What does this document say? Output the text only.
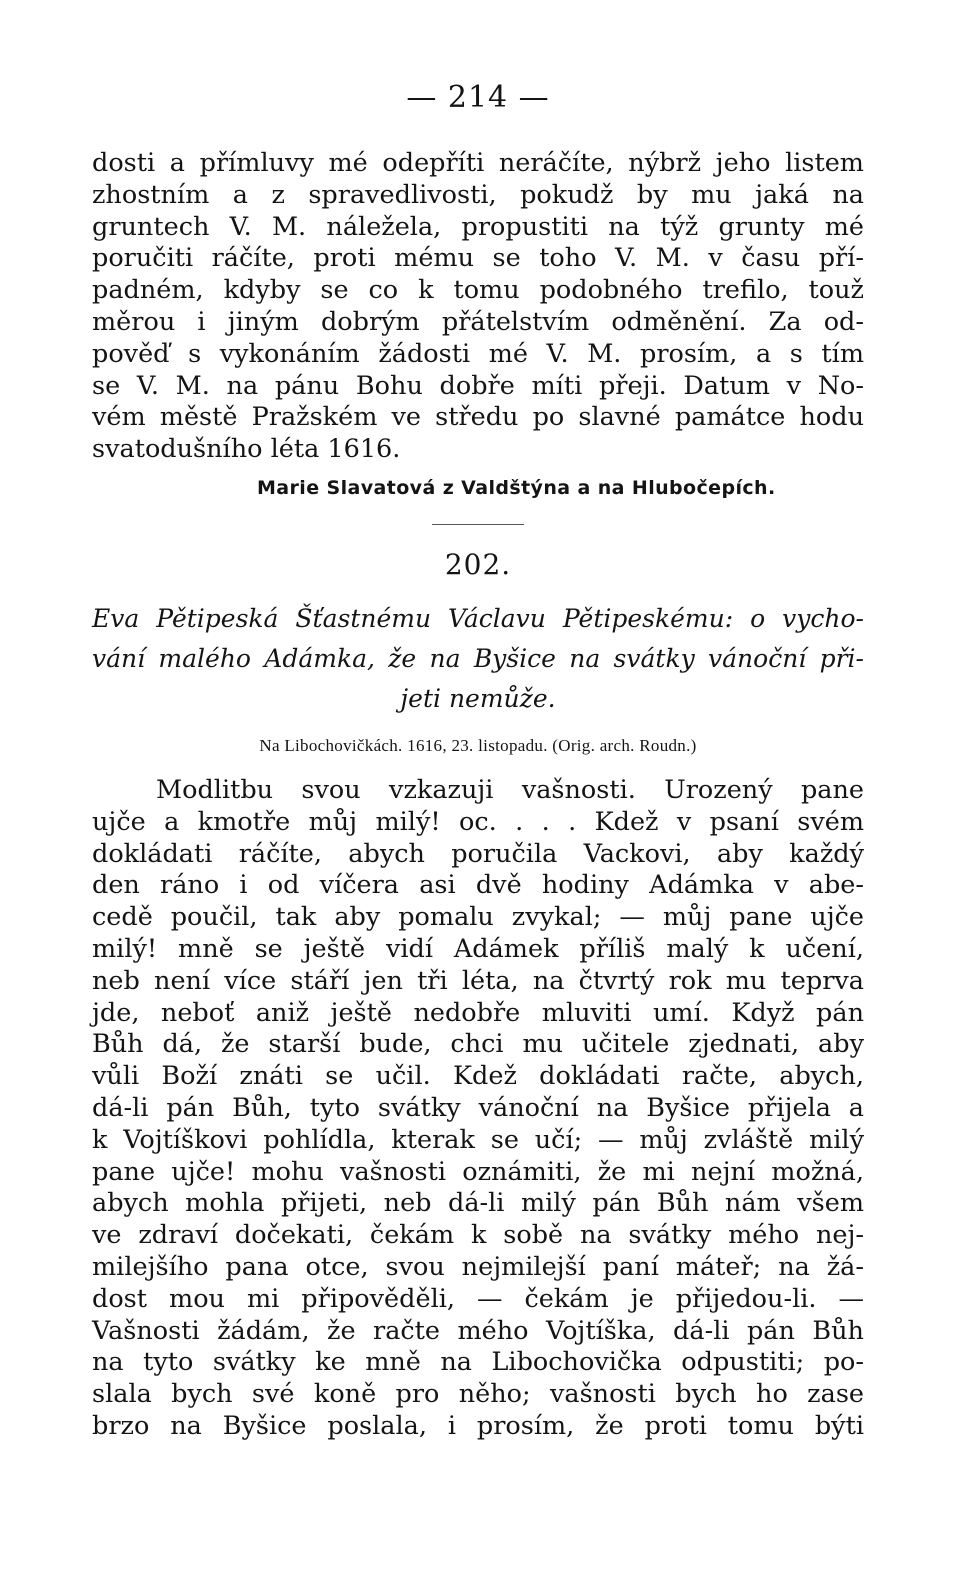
— 214 —

dosti a přímluvy mé odepříti neráčíte, nýbrž jeho listem

zhostním a z spravedlivosti, pokudž by mu jaká na

gruntech V. M. náležela, propustiti na týž grunty mé

poručiti ráčíte, proti mému se toho V. M. v času pří-

padném, kdyby se co k tomu podobného trefilo, touž

měrou i jiným dobrým přátelstvím odměnění. Za od-

pověď s vykonáním žádosti mé V. M. prosím, a s tím

se V. M. na pánu Bohu dobře míti přeji. Datum v No-

vém městě Pražském ve středu po slavné památce hodu

svatodušního léta 1616.

Marie Slavatová z Valdštýna a na Hlubočepích.
202.

Eva Pětipeská Šťastnému Václavu Pětipeskému: o vycho-

vání malého Adámka, že na Byšice na svátky vánoční při-

jeti nemůže.

Na Libochovičkách. 1616, 23. listopadu. (Orig. arch. Roudn.)

Modlitbu svou vzkazuji vašnosti. Urozený pane

ujče a kmotře můj milý! oc. . . . Kdež v psaní svém

dokládati ráčíte, abych poručila Vackovi, aby každý

den ráno i od víčera asi dvě hodiny Adámka v abe-

cedě poučil, tak aby pomalu zvykal; — můj pane ujče

milý! mně se ještě vidí Adámek příliš malý k učení,

neb není více stáří jen tři léta, na čtvrtý rok mu teprva

jde, neboť aniž ještě nedobře mluviti umí. Když pán

Bůh dá, že starší bude, chci mu učitele zjednati, aby

vůli Boží znáti se učil. Kdež dokládati račte, abych,

dá-li pán Bůh, tyto svátky vánoční na Byšice přijela a

k Vojtíškovi pohlídla, kterak se učí; — můj zvláště milý

pane ujče! mohu vašnosti oznámiti, že mi nejní možná,

abych mohla přijeti, neb dá-li milý pán Bůh nám všem

ve zdraví dočekati, čekám k sobě na svátky mého nej-

milejšího pana otce, svou nejmilejší paní máteř; na žá-

dost mou mi připověděli, — čekám je přijedou-li. —

Vašnosti žádám, že račte mého Vojtíška, dá-li pán Bůh

na tyto svátky ke mně na Libochovička odpustiti; po-

slala bych své koně pro něho; vašnosti bych ho zase

brzo na Byšice poslala, i prosím, že proti tomu býti
